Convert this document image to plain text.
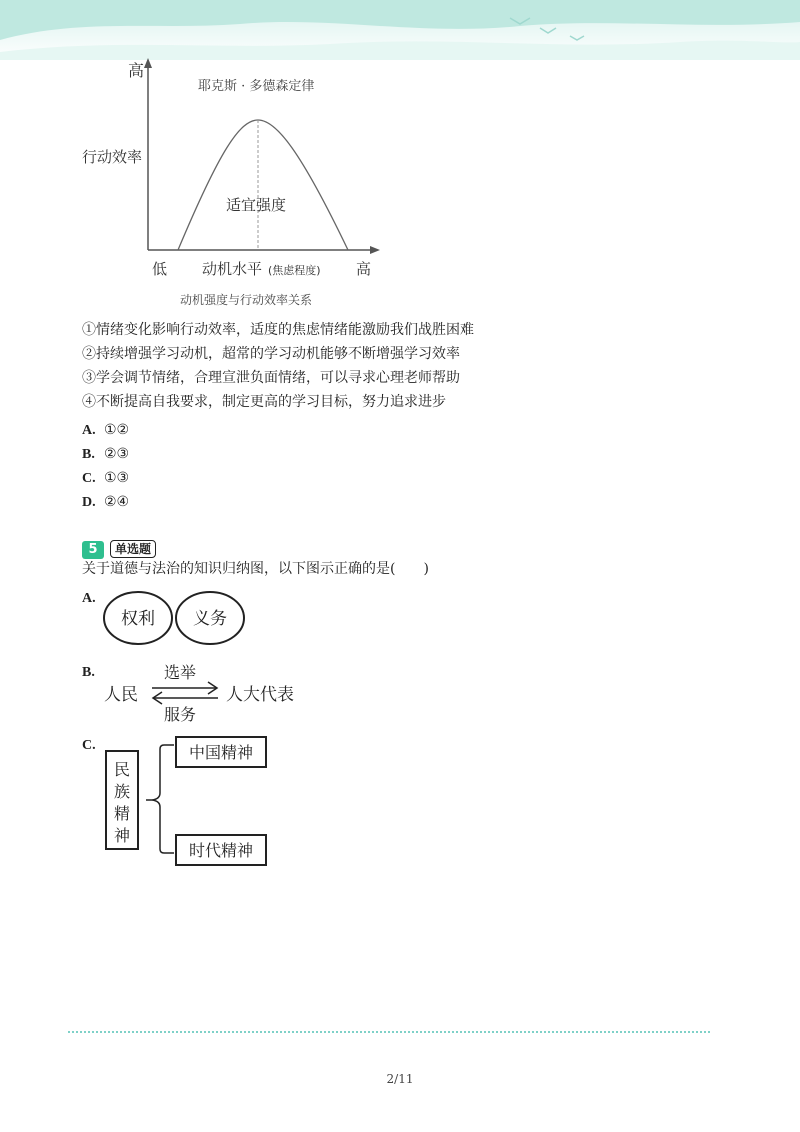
高
行动效率
耶克斯 · 多德森定律
适宜强度
低 动机水平 (焦虑程度) 高
动机强度与行动效率关系
①情绪变化影响行动效率，适度的焦虑情绪能激励我们战胜困难
②持续增强学习动机，超常的学习动机能够不断增强学习效率
③学会调节情绪，合理宣泄负面情绪，可以寻求心理老师帮助
④不断提高自我要求，制定更高的学习目标，努力追求进步
A. ①②
B. ②③
C. ①③
D. ②④
5 单选题
关于道德与法治的知识归纳图，以下图示正确的是(　　)
A.
权利 义务
B.
人民
选举
服务
人大代表
C.
民
族
精
神
中国精神
时代精神
2/11
